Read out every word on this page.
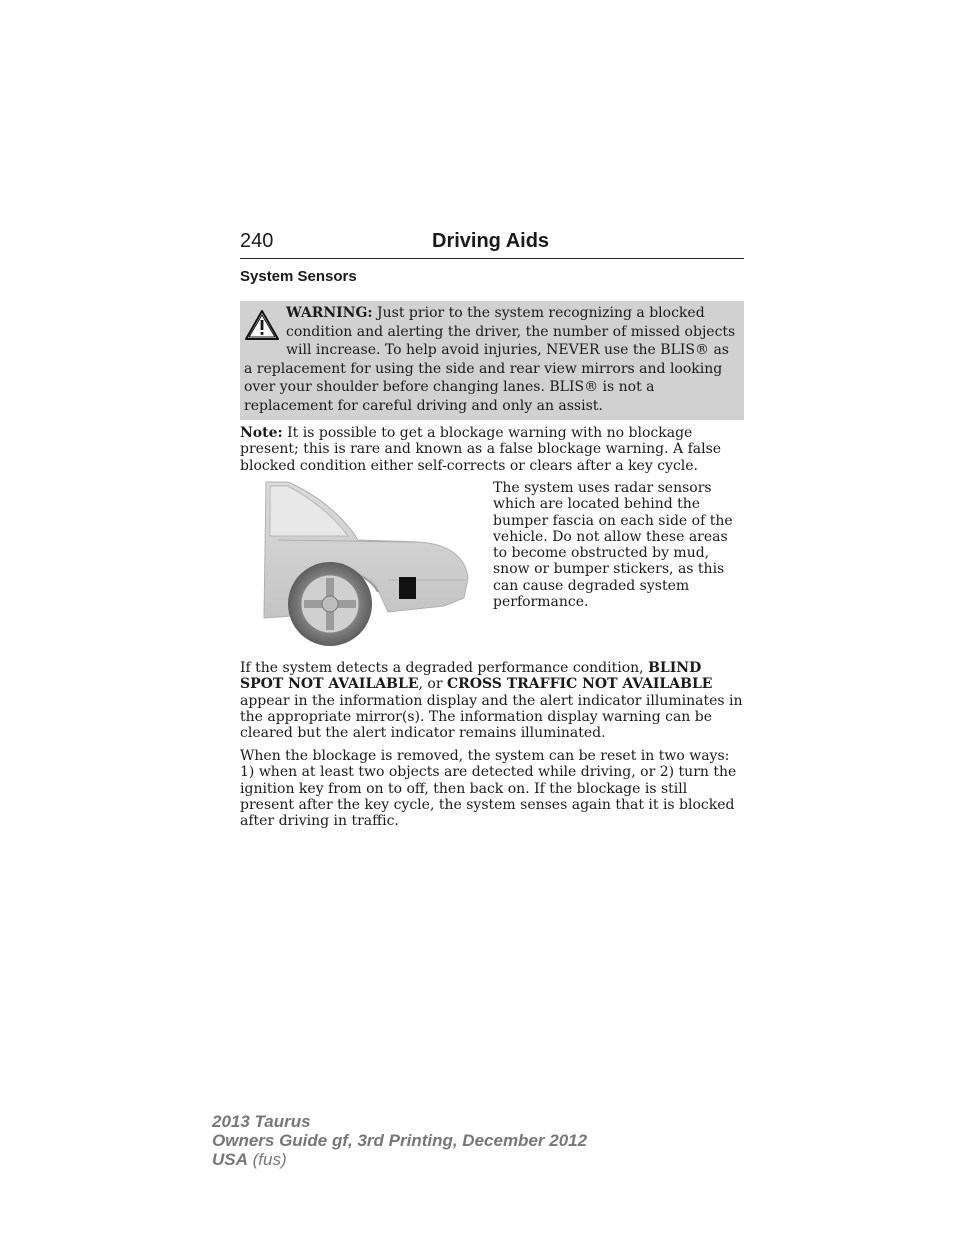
240	Driving Aids
System Sensors
WARNING: Just prior to the system recognizing a blocked condition and alerting the driver, the number of missed objects will increase. To help avoid injuries, NEVER use the BLIS® as a replacement for using the side and rear view mirrors and looking over your shoulder before changing lanes. BLIS® is not a replacement for careful driving and only an assist.
Note: It is possible to get a blockage warning with no blockage present; this is rare and known as a false blockage warning. A false blocked condition either self-corrects or clears after a key cycle.
The system uses radar sensors which are located behind the bumper fascia on each side of the vehicle. Do not allow these areas to become obstructed by mud, snow or bumper stickers, as this can cause degraded system performance.
If the system detects a degraded performance condition, BLIND SPOT NOT AVAILABLE, or CROSS TRAFFIC NOT AVAILABLE appear in the information display and the alert indicator illuminates in the appropriate mirror(s). The information display warning can be cleared but the alert indicator remains illuminated.
When the blockage is removed, the system can be reset in two ways: 1) when at least two objects are detected while driving, or 2) turn the ignition key from on to off, then back on. If the blockage is still present after the key cycle, the system senses again that it is blocked after driving in traffic.
2013 Taurus
Owners Guide gf, 3rd Printing, December 2012
USA (fus)
